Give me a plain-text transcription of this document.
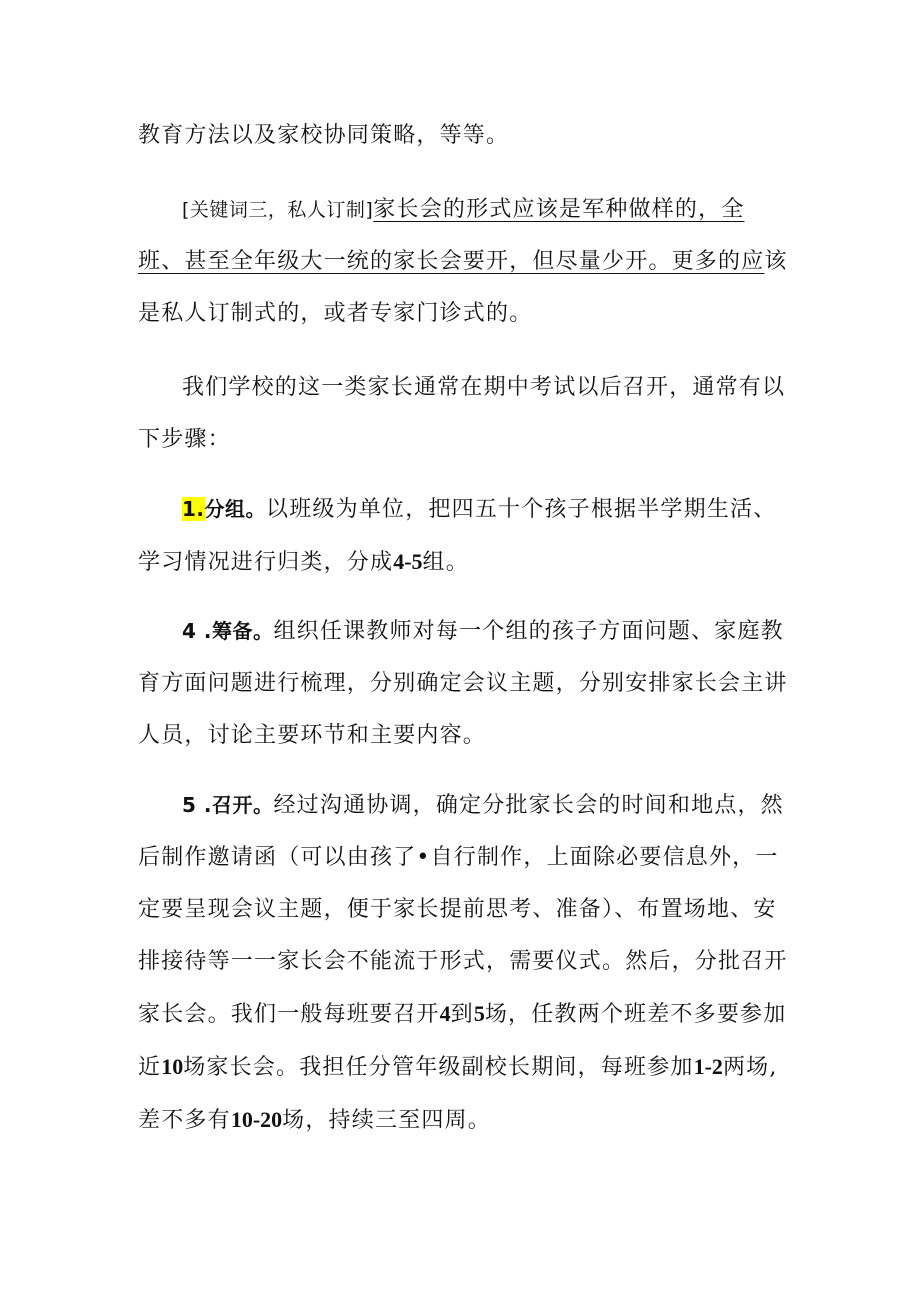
教育方法以及家校协同策略，等等。

[关键词三，私人订制]家长会的形式应该是军种做样的，全班、甚至全年级大一统的家长会要开，但尽量少开。更多的应该是私人订制式的，或者专家门诊式的。

我们学校的这一类家长通常在期中考试以后召开，通常有以下步骤：

1.分组。以班级为单位，把四五十个孩子根据半学期生活、学习情况进行归类，分成4-5组。

4 .筹备。组织任课教师对每一个组的孩子方面问题、家庭教育方面问题进行梳理，分别确定会议主题，分别安排家长会主讲人员，讨论主要环节和主要内容。

5 .召开。经过沟通协调，确定分批家长会的时间和地点，然后制作邀请函（可以由孩了•自行制作，上面除必要信息外，一定要呈现会议主题，便于家长提前思考、准备）、布置场地、安排接待等一一家长会不能流于形式，需要仪式。然后，分批召开家长会。我们一般每班要召开4到5场，任教两个班差不多要参加近10场家长会。我担任分管年级副校长期间，每班参加1-2两场, 差不多有10-20场，持续三至四周。
